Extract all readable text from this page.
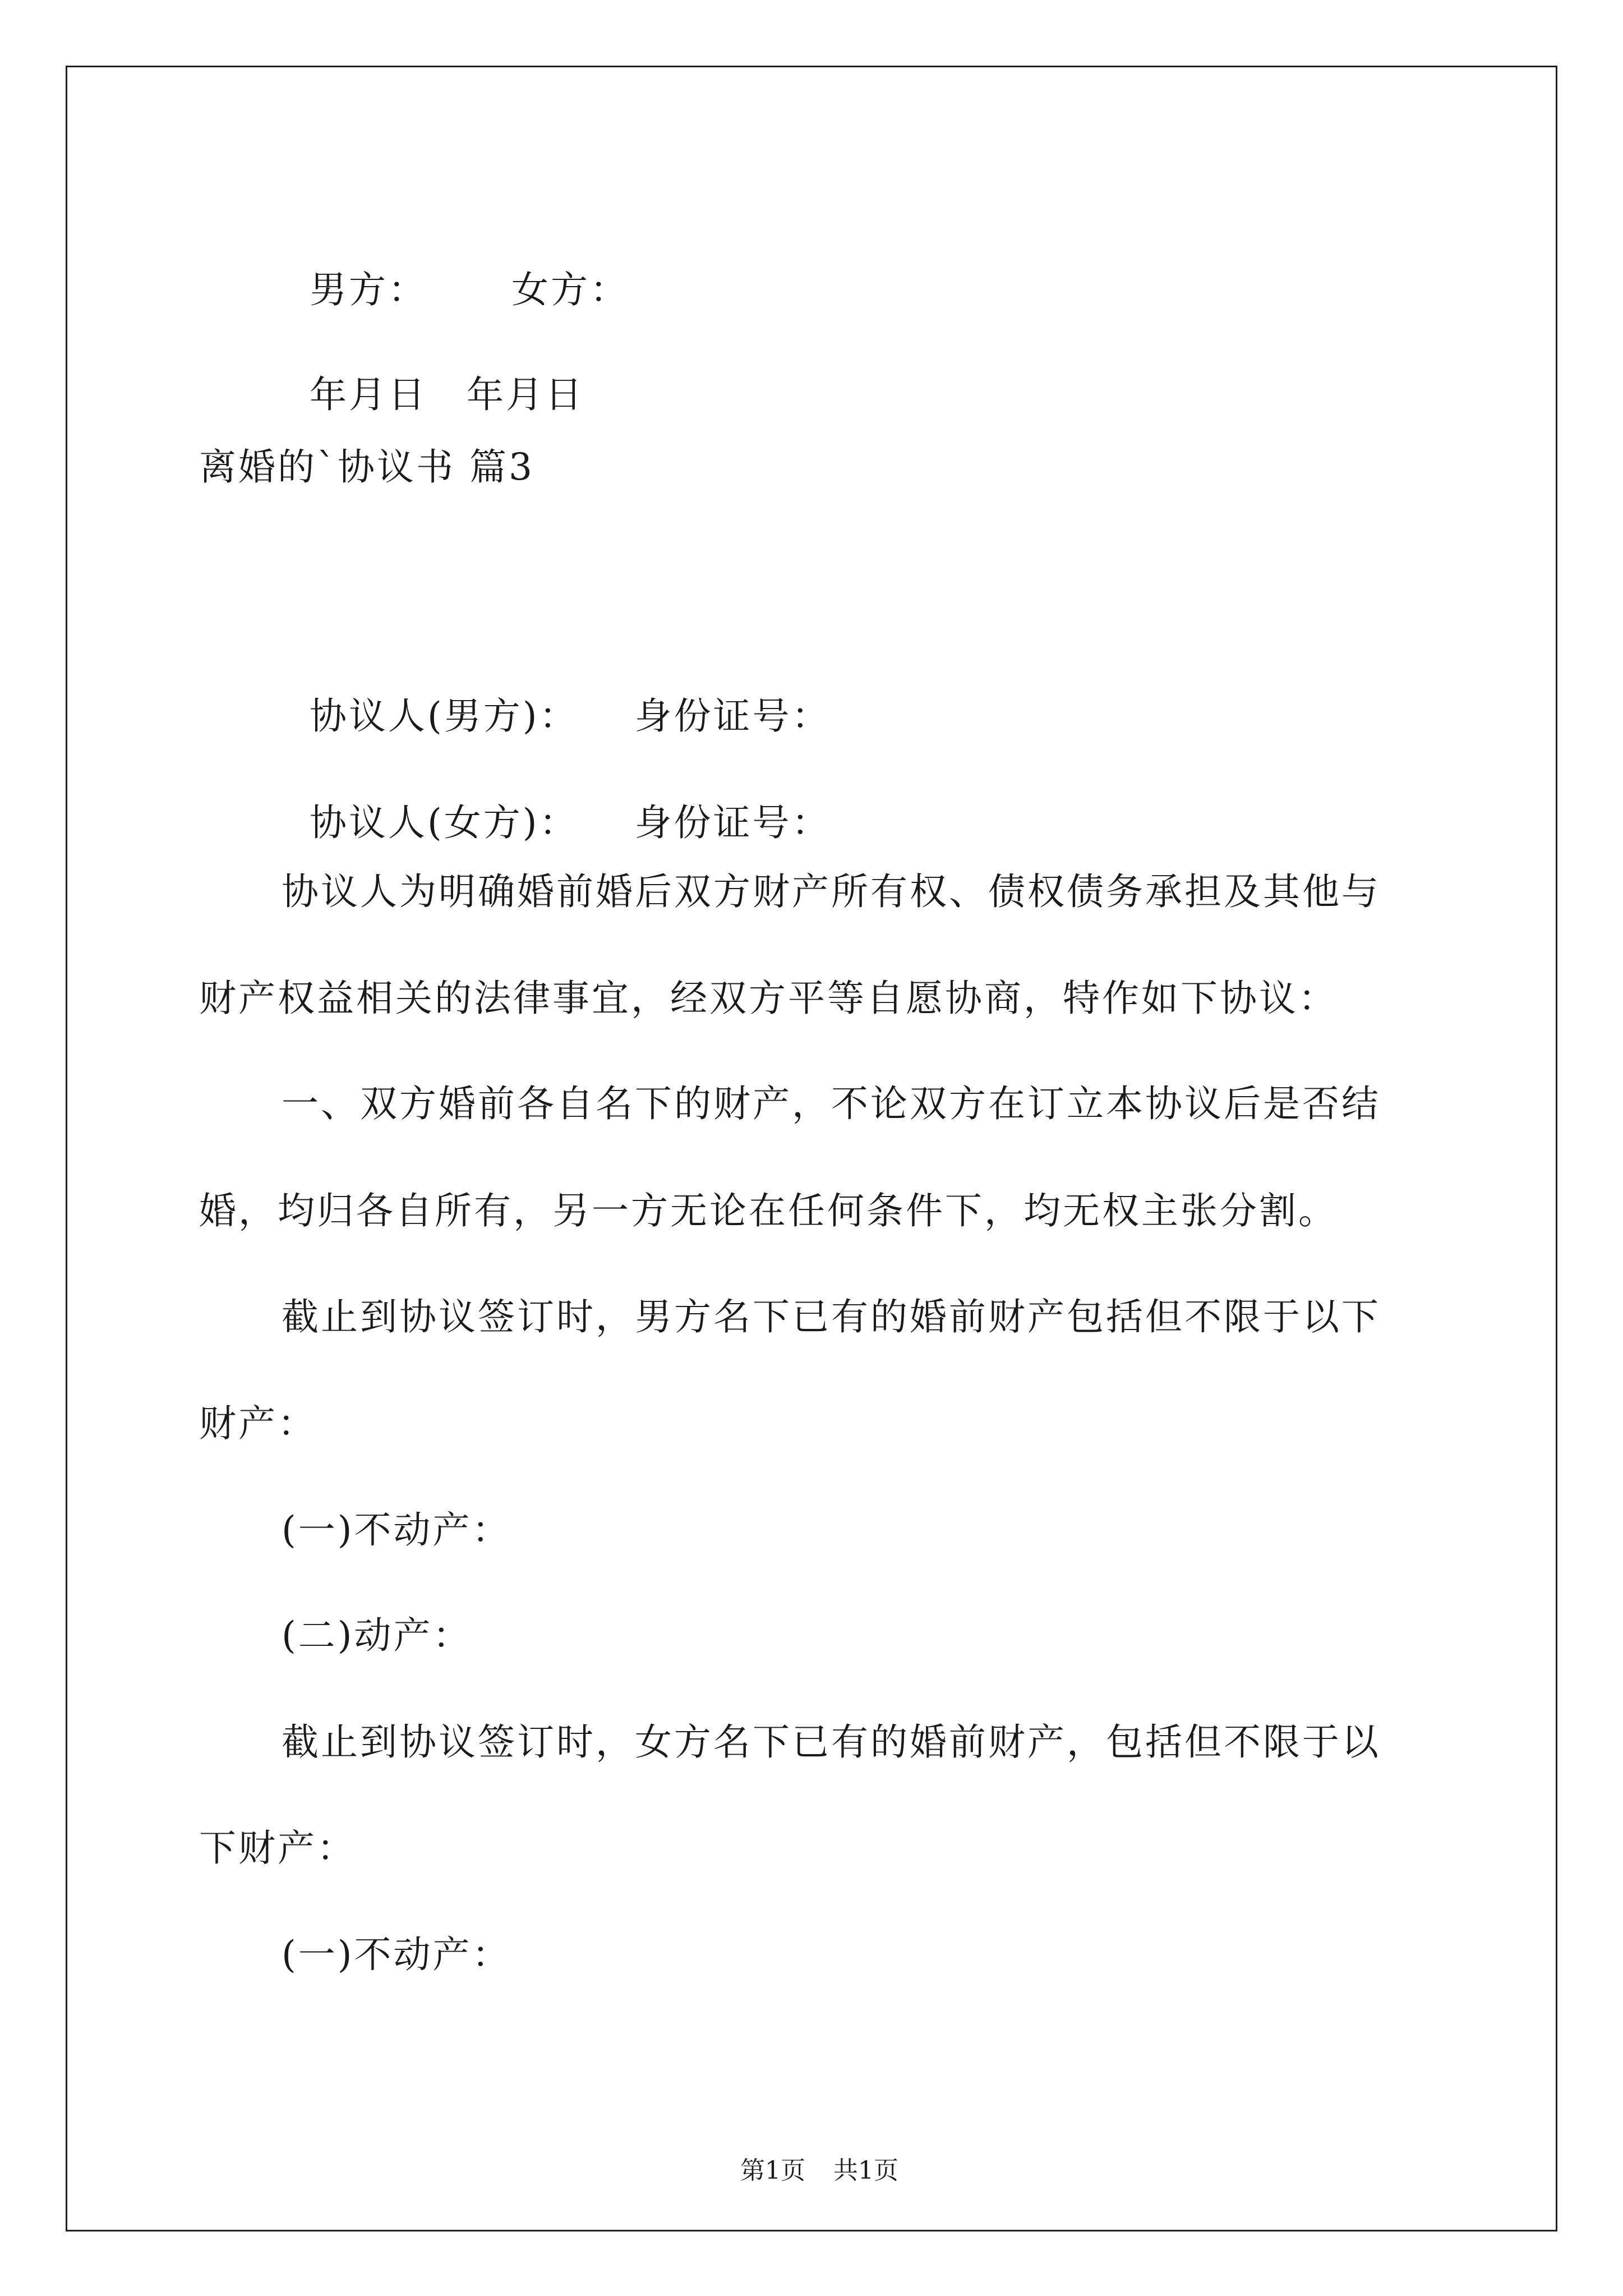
男方： 女方：

年月日 年月日

离婚的`协议书 篇3

协议人(男方)： 身份证号：

协议人(女方)： 身份证号：

协议人为明确婚前婚后双方财产所有权、债权债务承担及其他与
财产权益相关的法律事宜，经双方平等自愿协商，特作如下协议：
一、双方婚前各自名下的财产，不论双方在订立本协议后是否结
婚，均归各自所有，另一方无论在任何条件下，均无权主张分割。
截止到协议签订时，男方名下已有的婚前财产包括但不限于以下
财产：
(一)不动产：
(二)动产：
截止到协议签订时，女方名下已有的婚前财产，包括但不限于以
下财产：
(一)不动产：

第1页 共1页
